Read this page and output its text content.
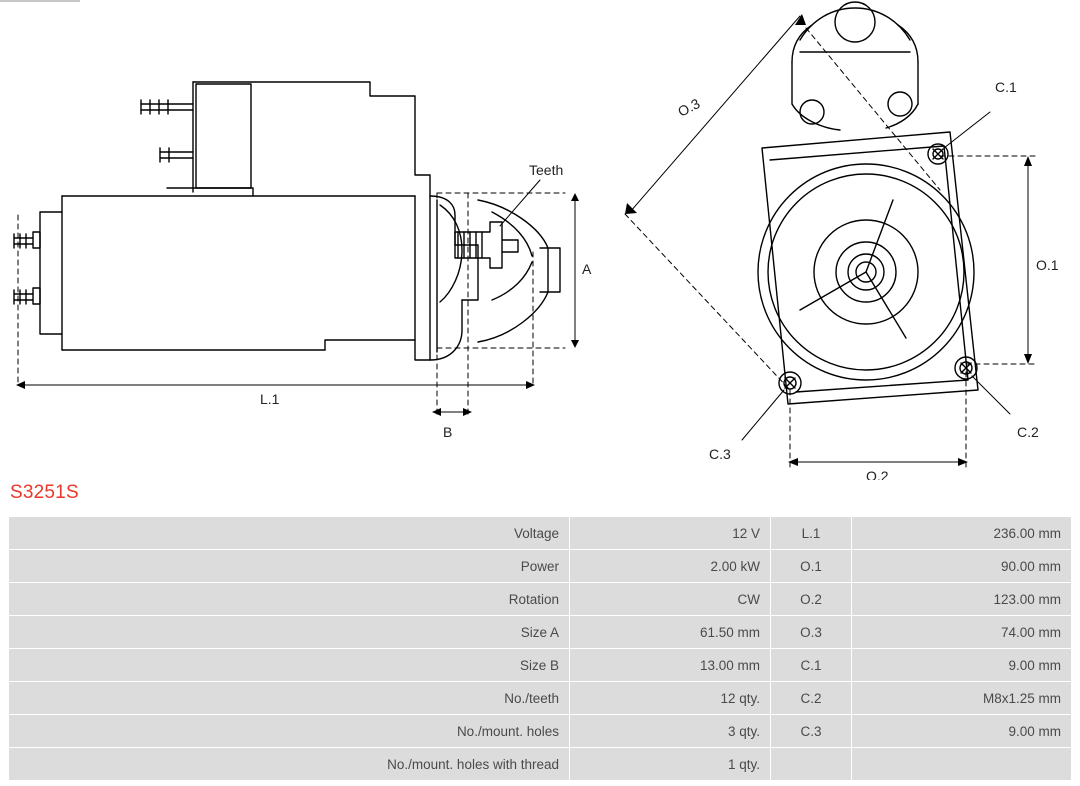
Teeth
L.1
A
B
O.3
O.1
O.2
C.1
C.2
C.3
S3251S
Voltage	12 V	L.1	236.00 mm
Power	2.00 kW	O.1	90.00 mm
Rotation	CW	O.2	123.00 mm
Size A	61.50 mm	O.3	74.00 mm
Size B	13.00 mm	C.1	9.00 mm
No./teeth	12 qty.	C.2	M8x1.25 mm
No./mount. holes	3 qty.	C.3	9.00 mm
No./mount. holes with thread	1 qty.		
